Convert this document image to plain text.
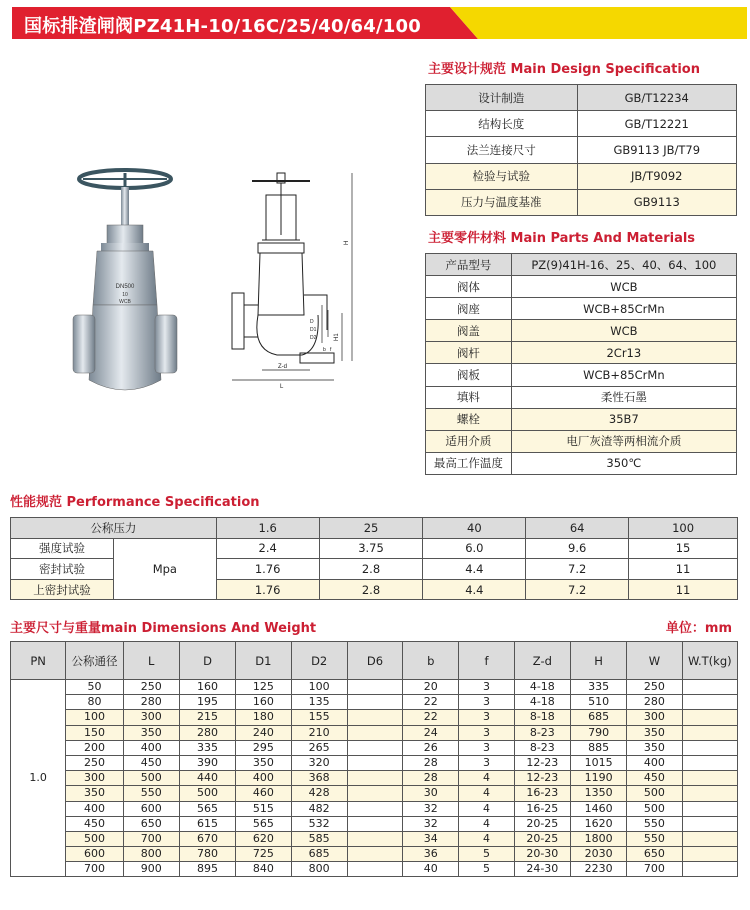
国标排渣闸阀PZ41H-10/16C/25/40/64/100
DN500
10
WCB
H
H1
Z-d
L
D
D1
D2
b f
主要设计规范 Main Design Specification
设计制造	GB/T12234
结构长度	GB/T12221
法兰连接尺寸	GB9113 JB/T79
检验与试验	JB/T9092
压力与温度基准	GB9113
主要零件材料 Main Parts And Materials
产品型号	PZ(9)41H-16、25、40、64、100
阀体	WCB
阀座	WCB+85CrMn
阀盖	WCB
阀杆	2Cr13
阀板	WCB+85CrMn
填料	柔性石墨
螺栓	35B7
适用介质	电厂灰渣等两相流介质
最高工作温度	350℃
性能规范 Performance Specification
公称压力		1.6	25	40	64	100
强度试验	Mpa	2.4	3.75	6.0	9.6	15
密封试验		1.76	2.8	4.4	7.2	11
上密封试验		1.76	2.8	4.4	7.2	11
主要尺寸与重量main Dimensions And Weight	单位：mm
PN	公称通径	L	D	D1	D2	D6	b	f	Z-d	H	W	W.T(kg)
1.0	50	250	160	125	100		20	3	4-18	335	250	
	80	280	195	160	135		22	3	4-18	510	280	
	100	300	215	180	155		22	3	8-18	685	300	
	150	350	280	240	210		24	3	8-23	790	350	
	200	400	335	295	265		26	3	8-23	885	350	
	250	450	390	350	320		28	3	12-23	1015	400	
	300	500	440	400	368		28	4	12-23	1190	450	
	350	550	500	460	428		30	4	16-23	1350	500	
	400	600	565	515	482		32	4	16-25	1460	500	
	450	650	615	565	532		32	4	20-25	1620	550	
	500	700	670	620	585		34	4	20-25	1800	550	
	600	800	780	725	685		36	5	20-30	2030	650	
	700	900	895	840	800		40	5	24-30	2230	700	
